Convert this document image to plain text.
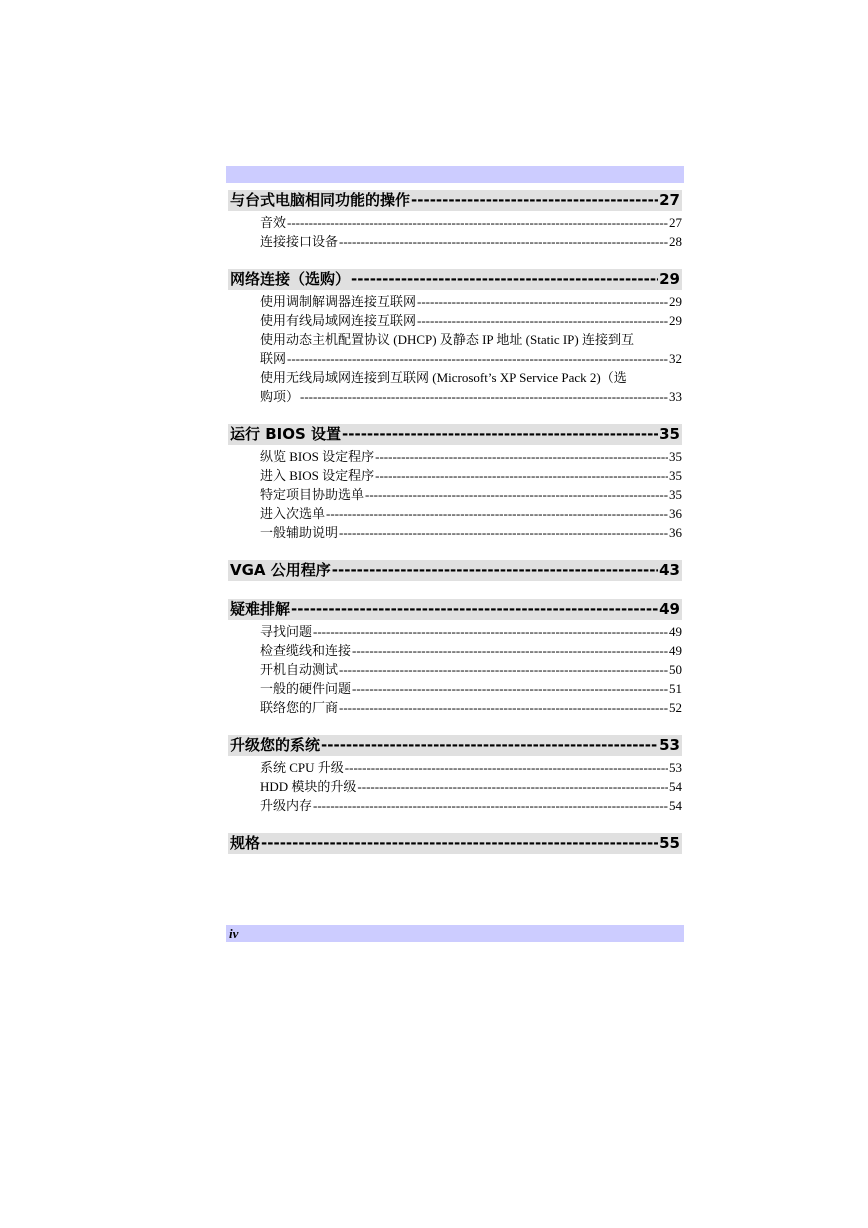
与台式电脑相同功能的操作 -----	27
音效 -----	27
连接接口设备 -----	28
网络连接（选购） -----	29
使用调制解调器连接互联网 -----	29
使用有线局域网连接互联网 -----	29
使用动态主机配置协议 (DHCP) 及静态 IP 地址 (Static IP) 连接到互
联网 -----	32
使用无线局域网连接到互联网 (Microsoft’s XP Service Pack 2)（选
购项） -----	33
运行 BIOS 设置 -----	35
纵览 BIOS 设定程序 -----	35
进入 BIOS 设定程序 -----	35
特定项目协助选单 -----	35
进入次选单 -----	36
一般辅助说明 -----	36
VGA 公用程序 -----	43
疑难排解 -----	49
寻找问题 -----	49
检查缆线和连接 -----	49
开机自动测试 -----	50
一般的硬件问题 -----	51
联络您的厂商 -----	52
升级您的系统 -----	53
系统 CPU 升级 -----	53
HDD 模块的升级 -----	54
升级内存 -----	54
规格 -----	55
iv
